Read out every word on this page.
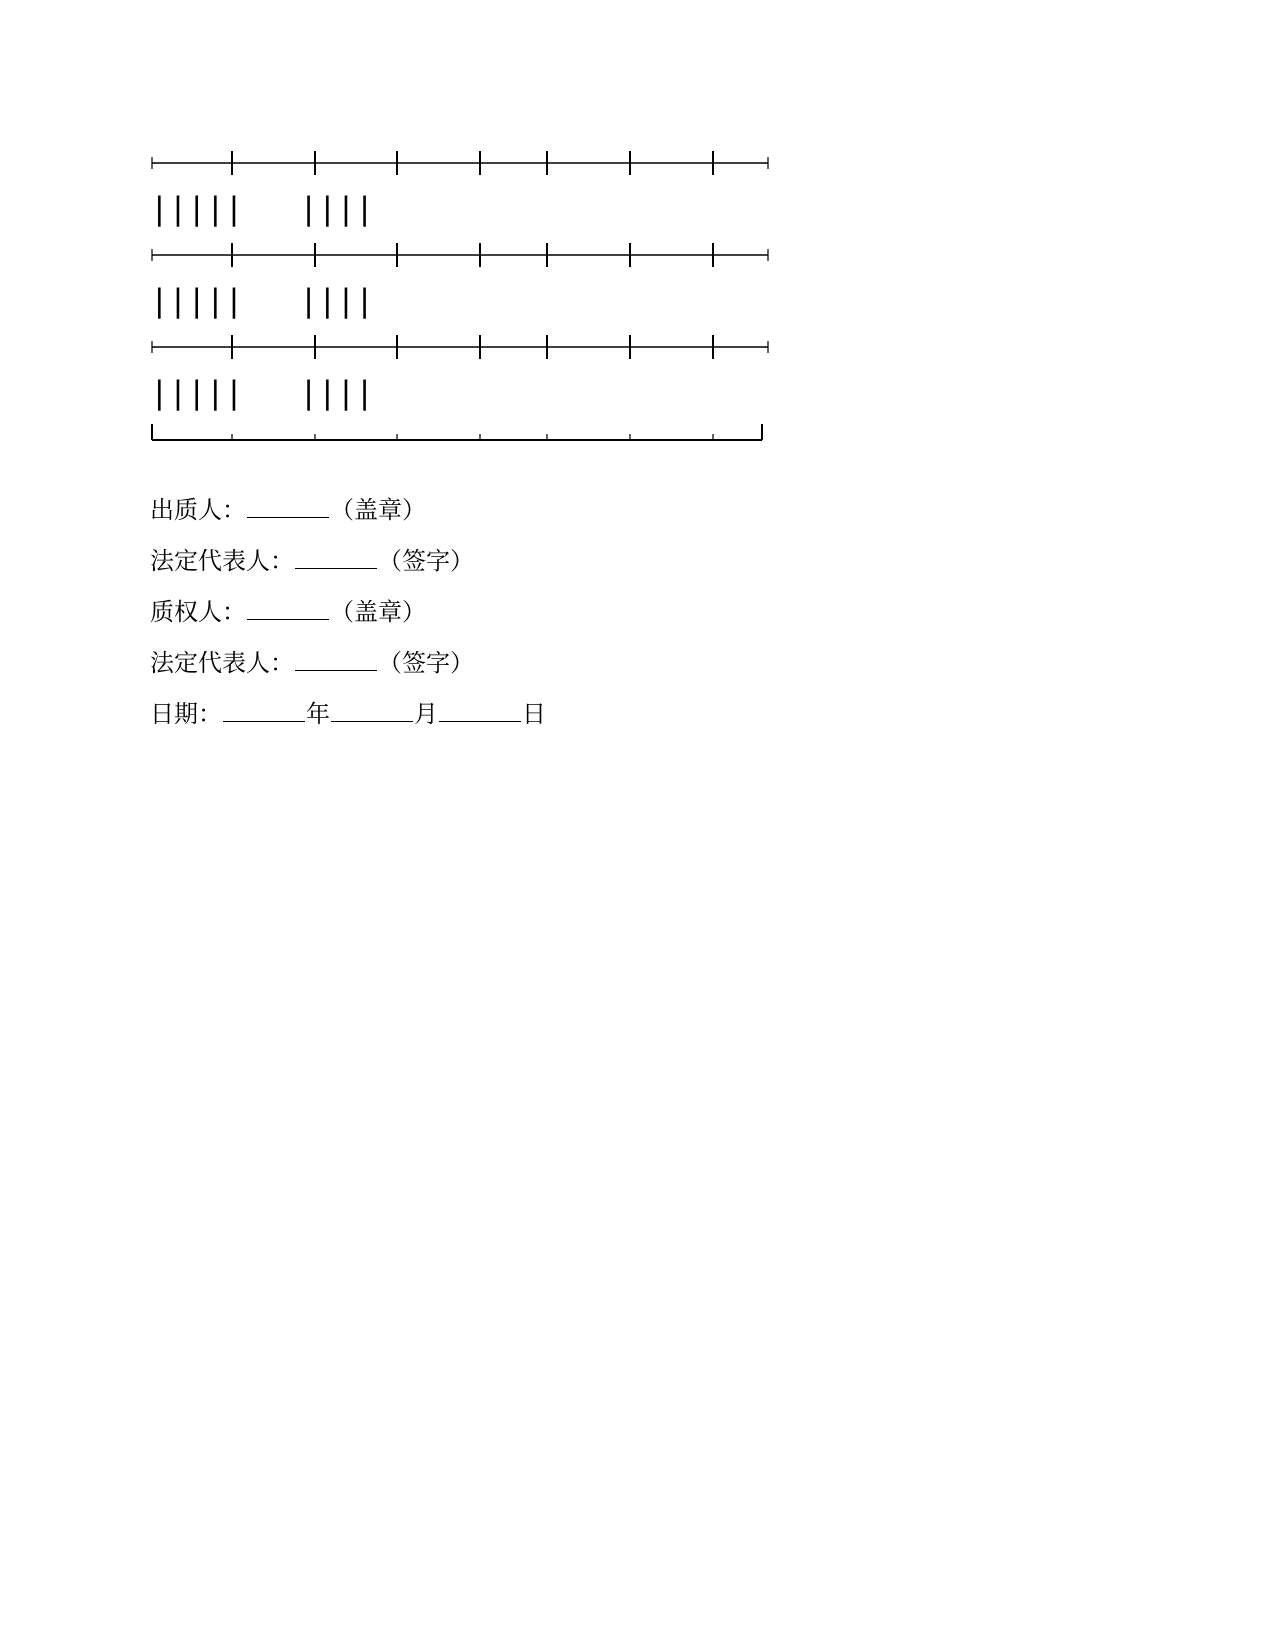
|||||   ||||
|||||   ||||
|||||   ||||
出质人：	（盖章）
法定代表人：	（签字）
质权人：	（盖章）
法定代表人：	（签字）
日期：	年	月	日
